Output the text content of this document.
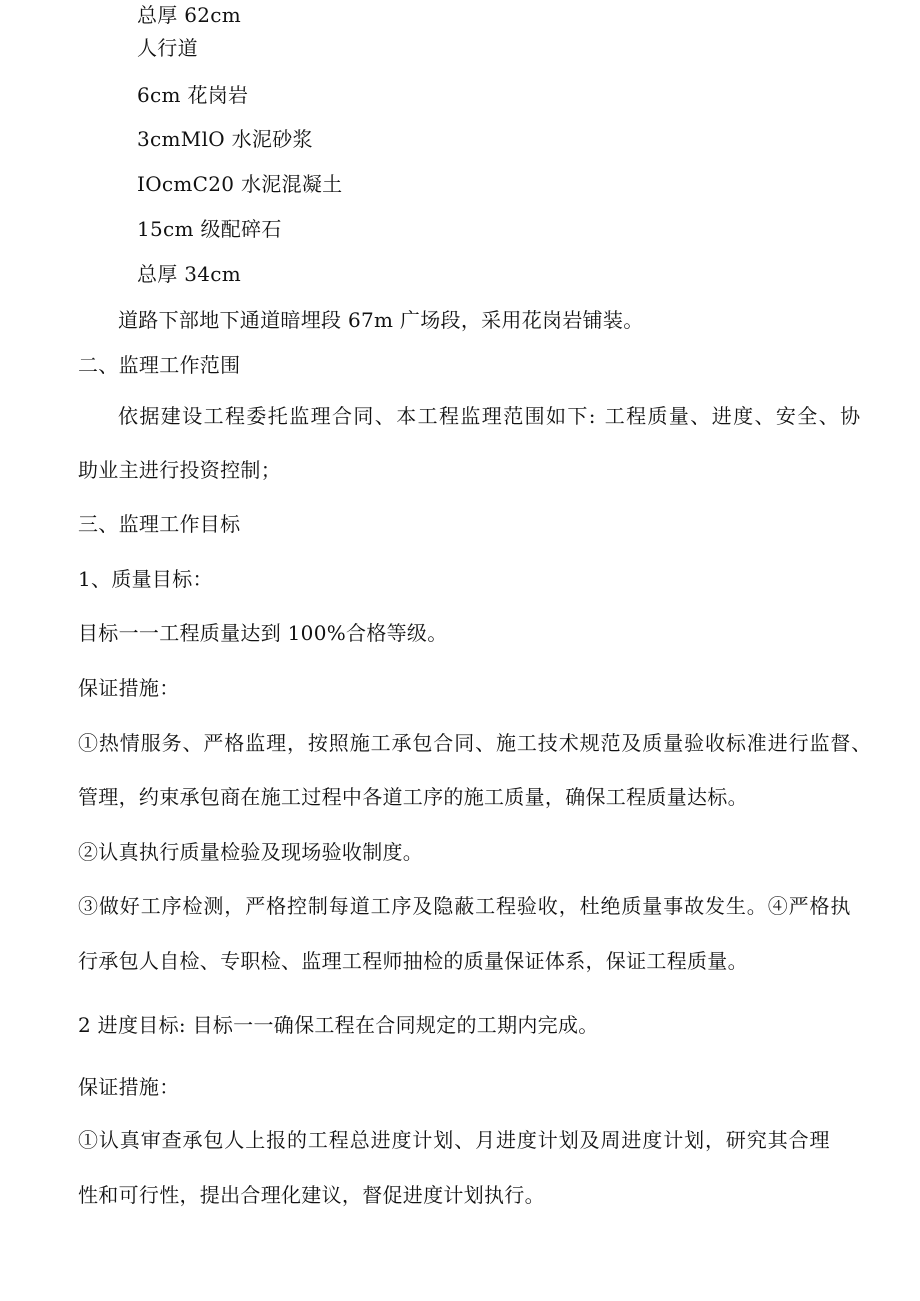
总厚 62cm
人行道
6cm 花岗岩
3cmMlO 水泥砂浆
IOcmC20 水泥混凝土
15cm 级配碎石
总厚 34cm
道路下部地下通道暗埋段 67m 广场段，采用花岗岩铺装。
二、监理工作范围
依据建设工程委托监理合同、本工程监理范围如下: 工程质量、进度、安全、协
助业主进行投资控制；
三、监理工作目标
1、质量目标：
目标一一工程质量达到 100%合格等级。
保证措施：
①热情服务、严格监理，按照施工承包合同、施工技术规范及质量验收标准进行监督、
管理，约束承包商在施工过程中各道工序的施工质量，确保工程质量达标。
②认真执行质量检验及现场验收制度。
③做好工序检测，严格控制每道工序及隐蔽工程验收，杜绝质量事故发生。④严格执
行承包人自检、专职检、监理工程师抽检的质量保证体系，保证工程质量。
2 进度目标: 目标一一确保工程在合同规定的工期内完成。
保证措施：
①认真审查承包人上报的工程总进度计划、月进度计划及周进度计划，研究其合理
性和可行性，提出合理化建议，督促进度计划执行。
